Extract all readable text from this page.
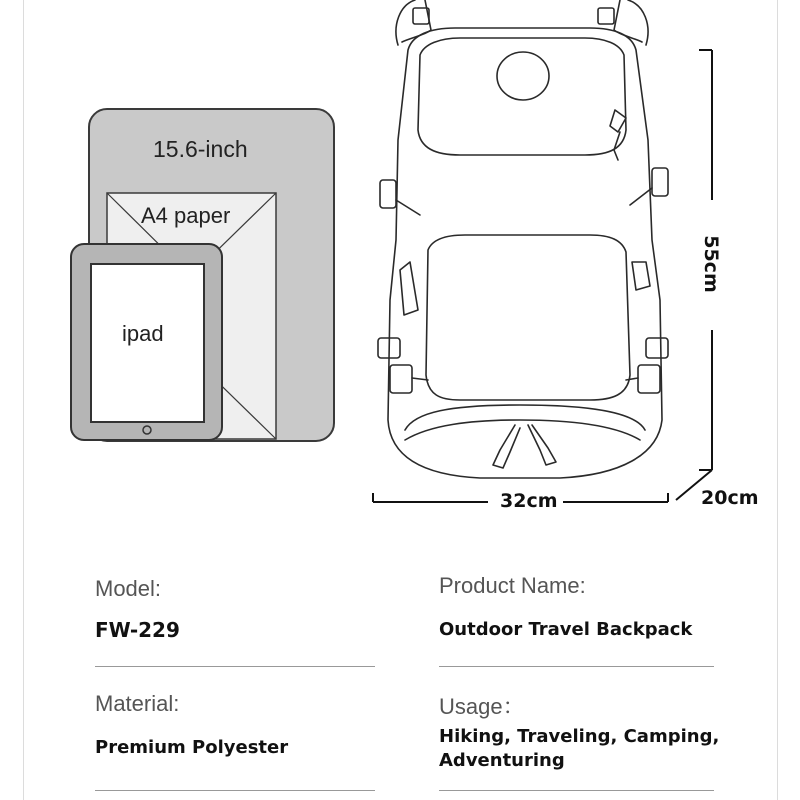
15.6-inch
A4 paper
ipad
55cm
32cm	20cm
Model:
FW-229
Product Name:
Outdoor Travel Backpack
Material:
Premium Polyester
Usage：
Hiking, Traveling, Camping,
Adventuring
